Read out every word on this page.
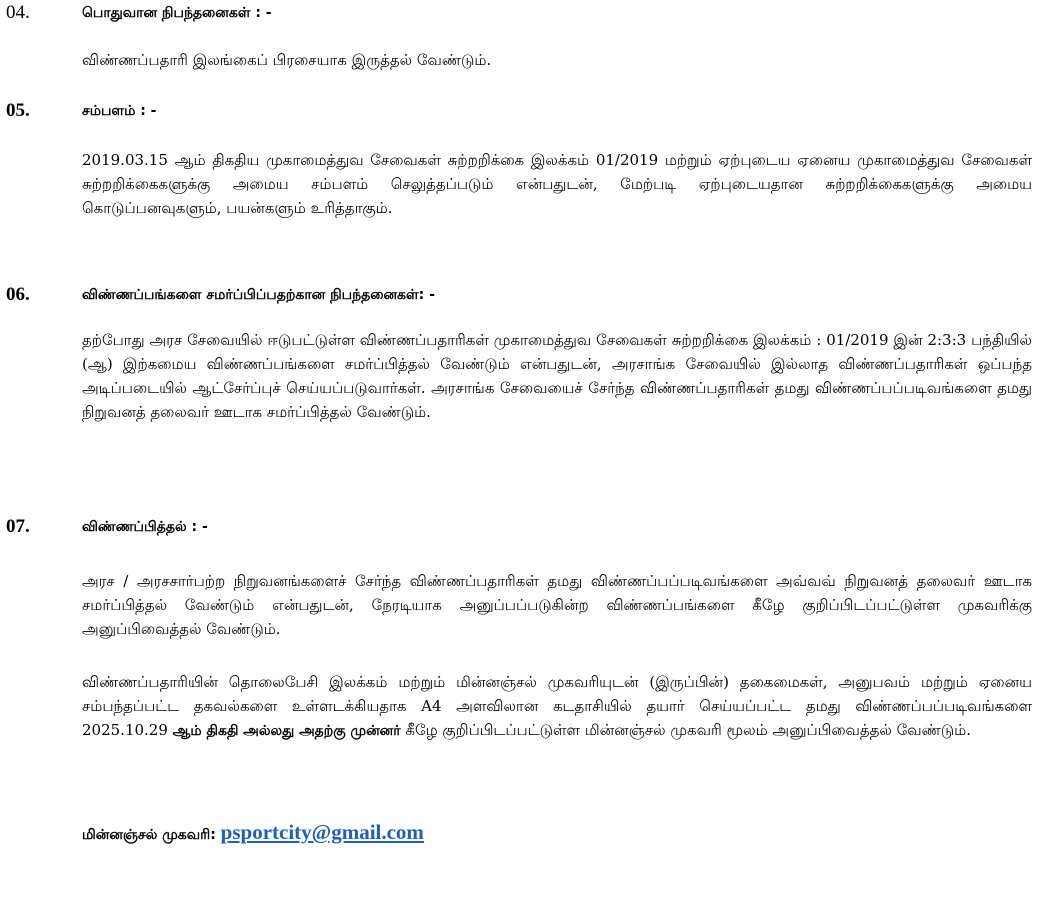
04.	பொதுவான நிபந்தனைகள் : -
விண்ணப்பதாரி இலங்கைப் பிரசையாக இருத்தல் வேண்டும்.
05.	சம்பளம் : -
2019.03.15 ஆம் திகதிய முகாமைத்துவ சேவைகள் சுற்றறிக்கை இலக்கம் 01/2019 மற்றும் ஏற்புடைய ஏனைய முகாமைத்துவ சேவைகள் சுற்றறிக்கைகளுக்கு அமைய சம்பளம் செலுத்தப்படும் என்பதுடன், மேற்படி ஏற்புடையதான சுற்றறிக்கைகளுக்கு அமைய கொடுப்பனவுகளும், பயன்களும் உரித்தாகும்.
06.	விண்ணப்பங்களை சமர்ப்பிப்பதற்கான நிபந்தனைகள்: -
தற்போது அரச சேவையில் ஈடுபட்டுள்ள விண்ணப்பதாரிகள் முகாமைத்துவ சேவைகள் சுற்றறிக்கை இலக்கம் : 01/2019 இன் 2:3:3 பந்தியில் (ஆ) இற்கமைய விண்ணப்பங்களை சமர்ப்பித்தல் வேண்டும் என்பதுடன், அரசாங்க சேவையில் இல்லாத விண்ணப்பதாரிகள் ஒப்பந்த அடிப்படையில் ஆட்சேர்ப்புச் செய்யப்படுவார்கள். அரசாங்க சேவையைச் சேர்ந்த விண்ணப்பதாரிகள் தமது விண்ணப்பப்படிவங்களை தமது நிறுவனத் தலைவர் ஊடாக சமர்ப்பித்தல் வேண்டும்.
07.	விண்ணப்பித்தல் : -
அரச / அரசசார்பற்ற நிறுவனங்களைச் சேர்ந்த விண்ணப்பதாரிகள் தமது விண்ணப்பப்படிவங்களை அவ்வவ் நிறுவனத் தலைவர் ஊடாக சமர்ப்பித்தல் வேண்டும் என்பதுடன், நேரடியாக அனுப்பப்படுகின்ற விண்ணப்பங்களை கீழே குறிப்பிடப்பட்டுள்ள முகவரிக்கு அனுப்பிவைத்தல் வேண்டும்.
விண்ணப்பதாரியின் தொலைபேசி இலக்கம் மற்றும் மின்னஞ்சல் முகவரியுடன் (இருப்பின்) தகைமைகள், அனுபவம் மற்றும் ஏனைய சம்பந்தப்பட்ட தகவல்களை உள்ளடக்கியதாக A4 அளவிலான கடதாசியில் தயார் செய்யப்பட்ட தமது விண்ணப்பப்படிவங்களை 2025.10.29 ஆம் திகதி அல்லது அதற்கு முன்னர் கீழே குறிப்பிடப்பட்டுள்ள மின்னஞ்சல் முகவரி மூலம் அனுப்பிவைத்தல் வேண்டும்.
மின்னஞ்சல் முகவரி: psportcity@gmail.com
